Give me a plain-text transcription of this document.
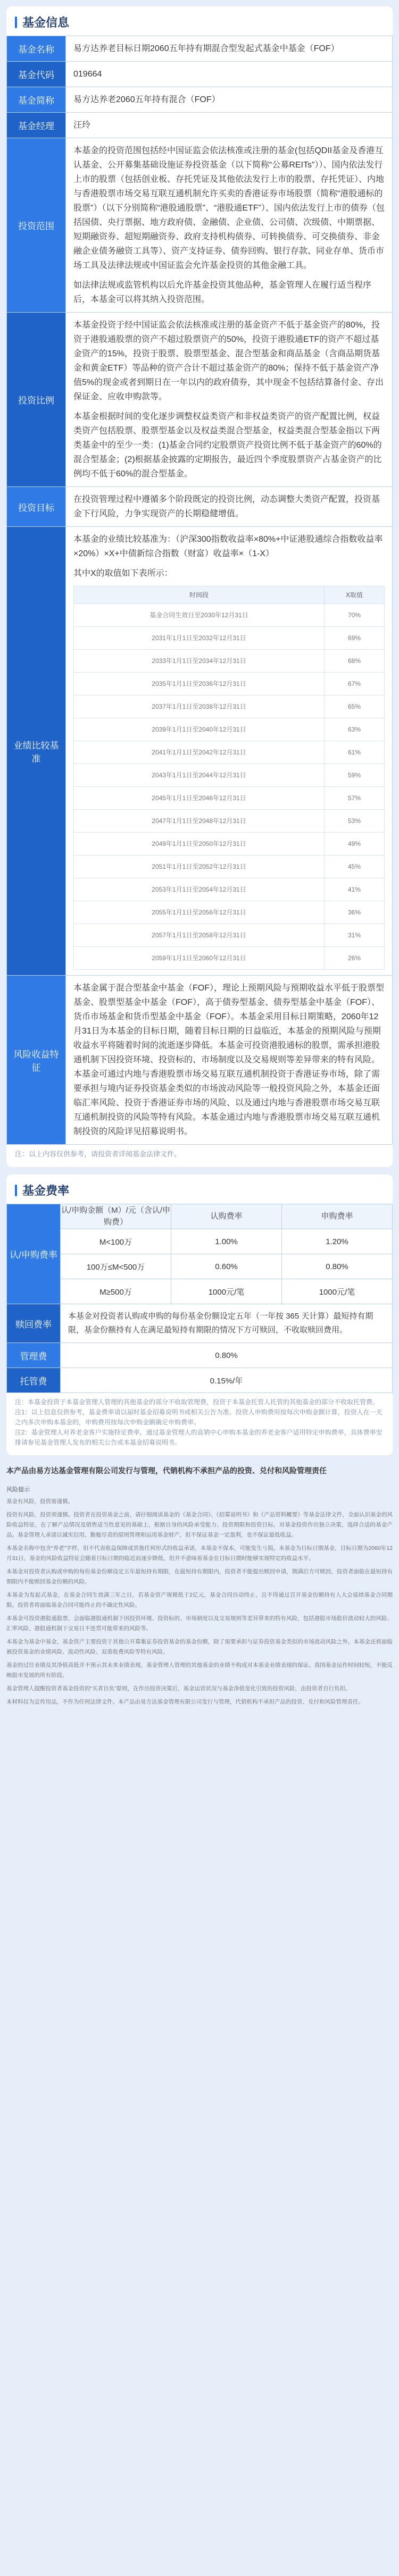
基金信息
基金名称	易方达养老目标日期2060五年持有期混合型发起式基金中基金（FOF）
基金代码	019664
基金简称	易方达养老2060五年持有混合（FOF）
基金经理	汪玲
投资范围	

本基金的投资范围包括经中国证监会依法核准或注册的基金(包括QDII基金及香港互认基金、公开募集基础设施证券投资基金（以下简称“公募REITs”））、国内依法发行上市的股票（包括创业板、存托凭证及其他依法发行上市的股票、存托凭证）、内地与香港股票市场交易互联互通机制允许买卖的香港证券市场股票（简称“港股通标的股票”）（以下分别简称“港股通股票”、“港股通ETF”）、国内依法发行上市的债券（包括国债、央行票据、地方政府债、金融债、企业债、公司债、次级债、中期票据、短期融资券、超短期融资券、政府支持机构债券、可转换债券、可交换债券、非金融企业债务融资工具等）、资产支持证券、债券回购、银行存款、同业存单、货币市场工具及法律法规或中国证监会允许基金投资的其他金融工具。

如法律法规或监管机构以后允许基金投资其他品种，基金管理人在履行适当程序后，本基金可以将其纳入投资范围。

投资比例	

本基金投资于经中国证监会依法核准或注册的基金资产不低于基金资产的80%，投资于港股通股票的资产不超过股票资产的50%，投资于港股通ETF的资产不超过基金资产的15%，投资于股票、股票型基金、混合型基金和商品基金（含商品期货基金和黄金ETF）等品种的资产合计不超过基金资产的80%；保持不低于基金资产净值5%的现金或者到期日在一年以内的政府债券，其中现金不包括结算备付金、存出保证金、应收申购款等。

本基金根据时间的变化逐步调整权益类资产和非权益类资产的资产配置比例，权益类资产包括股票、股票型基金以及权益类混合型基金，权益类混合型基金指以下两类基金中的至少一类：(1)基金合同约定股票资产投资比例不低于基金资产的60%的混合型基金；(2)根据基金披露的定期报告，最近四个季度股票资产占基金资产的比例均不低于60%的混合型基金。

投资目标	在投资管理过程中遵循多个阶段既定的投资比例，动态调整大类资产配置，投资基金下行风险，力争实现资产的长期稳健增值。
业绩比较基准	

本基金的业绩比较基准为：（沪深300指数收益率×80%+中证港股通综合指数收益率×20%）×X+中债新综合指数（财富）收益率×（1-X）

其中X的取值如下表所示：

时间段	X取值
基金合同生效日至2030年12月31日	70%
2031年1月1日至2032年12月31日	69%
2033年1月1日至2034年12月31日	68%
2035年1月1日至2036年12月31日	67%
2037年1月1日至2038年12月31日	65%
2039年1月1日至2040年12月31日	63%
2041年1月1日至2042年12月31日	61%
2043年1月1日至2044年12月31日	59%
2045年1月1日至2046年12月31日	57%
2047年1月1日至2048年12月31日	53%
2049年1月1日至2050年12月31日	49%
2051年1月1日至2052年12月31日	45%
2053年1月1日至2054年12月31日	41%
2055年1月1日至2056年12月31日	36%
2057年1月1日至2058年12月31日	31%
2059年1月1日至2060年12月31日	26%

风险收益特征	本基金属于混合型基金中基金（FOF），理论上预期风险与预期收益水平低于股票型基金、股票型基金中基金（FOF），高于债券型基金、债券型基金中基金（FOF）、货币市场基金和货币型基金中基金（FOF）。本基金采用目标日期策略，2060年12月31日为本基金的目标日期，随着目标日期的日益临近，本基金的预期风险与预期收益水平将随着时间的流逝逐步降低。本基金可投资港股通标的股票，需承担港股通机制下因投资环境、投资标的、市场制度以及交易规则等差异带来的特有风险。本基金可通过内地与香港股票市场交易互联互通机制投资于香港证券市场，除了需要承担与境内证券投资基金类似的市场波动风险等一般投资风险之外，本基金还面临汇率风险、投资于香港证券市场的风险、以及通过内地与香港股票市场交易互联互通机制投资的风险等特有风险。本基金通过内地与香港股票市场交易互联互通机制投资的风险详见招募说明书。
注：以上内容仅供参考，请投资者详阅基金法律文件。
基金费率
认/申购费率	认/申购金额（M）/元（含认/申购费）	认购费率	申购费率
	M<100万	1.00%	1.20%
	100万≤M<500万	0.60%	0.80%
	M≥500万	1000元/笔	1000元/笔
赎回费率	本基金对投资者认购或申购的每份基金份额设定五年（一年按 365 天计算）最短持有期限，基金份额持有人在满足最短持有期限的情况下方可赎回，不收取赎回费用。		
管理费	0.80%		
托管费	0.15%/年		

注：本基金投资于本基金管理人管理的其他基金的部分不收取管理费，投资于本基金托管人托管的其他基金的部分不收取托管费。

注1：以上信息仅供参考，基金费率请以届时基金招募说明书或相关公告为准。投资人申购费用按每次申购金额计算，投资人在一天之内多次申购本基金的，申购费用按每次申购金额确定申购费率。

注2：基金管理人对养老金客户实施特定费率，通过基金管理人的直销中心申购本基金的养老金客户适用特定申购费率，具体费率安排请参见基金管理人发布的相关公告或本基金招募说明书。

本产品由易方达基金管理有限公司发行与管理，代销机构不承担产品的投资、兑付和风险管理责任
风险提示

基金有风险，投资需谨慎。

投资有风险，投资须谨慎。投资者在投资基金之前，请仔细阅读基金的《基金合同》、《招募说明书》和《产品资料概要》等基金法律文件，全面认识基金的风险收益特征，在了解产品情况及销售适当性意见的基础上，根据自身的风险承受能力、投资期限和投资目标，对基金投资作出独立决策，选择合适的基金产品。基金管理人承诺以诚实信用、勤勉尽责的原则管理和运用基金财产，但不保证基金一定盈利，也不保证最低收益。

本基金名称中包含“养老”字样，但不代表收益保障或其他任何形式的收益承诺，本基金不保本，可能发生亏损。本基金为目标日期基金，目标日期为2060年12月31日，基金的风险收益特征会随着目标日期的临近而逐步降低，但并不意味着基金在目标日期时能够实现特定的收益水平。

本基金对投资者认购或申购的每份基金份额设定五年最短持有期限，在最短持有期限内，投资者不能提出赎回申请，期满后方可赎回，投资者面临在最短持有期限内不能赎回基金份额的风险。

本基金为发起式基金，在基金合同生效满三年之日，若基金资产规模低于2亿元，基金合同自动终止，且不得通过召开基金份额持有人大会延续基金合同期限。投资者将面临基金合同可能终止的不确定性风险。

本基金可投资港股通股票，会面临港股通机制下因投资环境、投资标的、市场制度以及交易规则等差异带来的特有风险，包括港股市场股价波动较大的风险、汇率风险、港股通机制下交易日不连贯可能带来的风险等。

本基金为基金中基金，基金资产主要投资于其他公开募集证券投资基金的基金份额，除了需要承担与证券投资基金类似的市场波动风险之外，本基金还将面临被投资基金的业绩风险、流动性风险、双重收费风险等特有风险。

基金的过往业绩及其净值高低并不预示其未来业绩表现，基金管理人管理的其他基金的业绩不构成对本基金业绩表现的保证。我国基金运作时间较短，不能反映股市发展的所有阶段。

基金管理人提醒投资者基金投资的“买者自负”原则，在作出投资决策后，基金运营状况与基金净值变化引致的投资风险，由投资者自行负担。

本材料仅为宣传用品，不作为任何法律文件。本产品由易方达基金管理有限公司发行与管理，代销机构不承担产品的投资、兑付和风险管理责任。
